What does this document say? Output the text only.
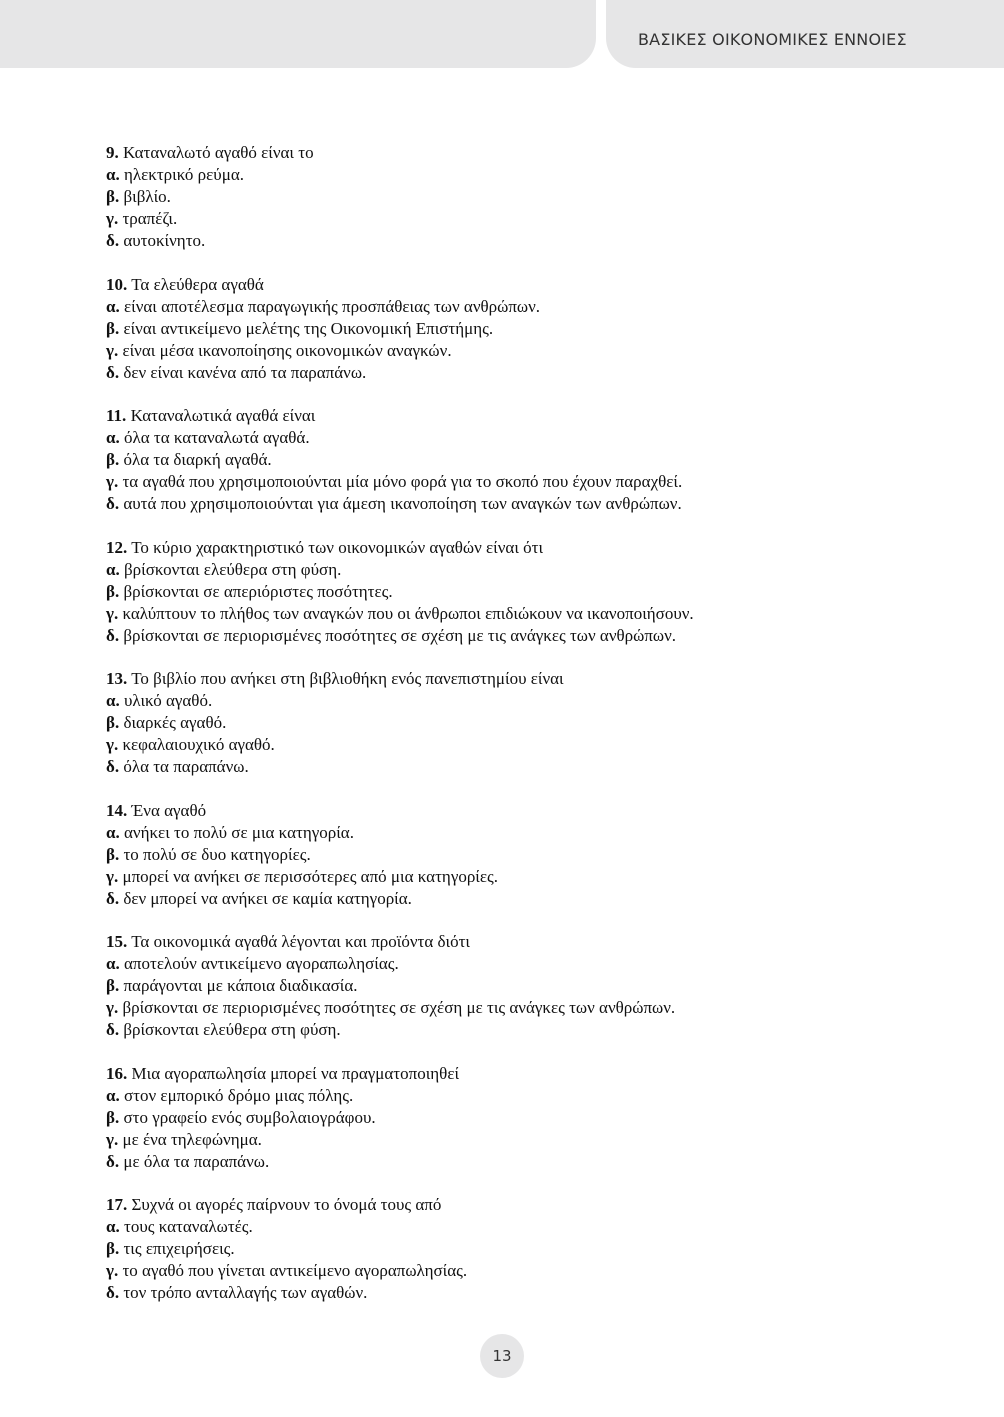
ΒΑΣΙΚΕΣ ΟΙΚΟΝΟΜΙΚΕΣ ΕΝΝΟΙΕΣ
9. Καταναλωτό αγαθό είναι το
α. ηλεκτρικό ρεύμα.
β. βιβλίο.
γ. τραπέζι.
δ. αυτοκίνητο.
10. Τα ελεύθερα αγαθά
α. είναι αποτέλεσμα παραγωγικής προσπάθειας των ανθρώπων.
β. είναι αντικείμενο μελέτης της Οικονομική Επιστήμης.
γ. είναι μέσα ικανοποίησης οικονομικών αναγκών.
δ. δεν είναι κανένα από τα παραπάνω.
11. Καταναλωτικά αγαθά είναι
α. όλα τα καταναλωτά αγαθά.
β. όλα τα διαρκή αγαθά.
γ. τα αγαθά που χρησιμοποιούνται μία μόνο φορά για το σκοπό που έχουν παραχθεί.
δ. αυτά που χρησιμοποιούνται για άμεση ικανοποίηση των αναγκών των ανθρώπων.
12. Το κύριο χαρακτηριστικό των οικονομικών αγαθών είναι ότι
α. βρίσκονται ελεύθερα στη φύση.
β. βρίσκονται σε απεριόριστες ποσότητες.
γ. καλύπτουν το πλήθος των αναγκών που οι άνθρωποι επιδιώκουν να ικανοποιήσουν.
δ. βρίσκονται σε περιορισμένες ποσότητες σε σχέση με τις ανάγκες των ανθρώπων.
13. Το βιβλίο που ανήκει στη βιβλιοθήκη ενός πανεπιστημίου είναι
α. υλικό αγαθό.
β. διαρκές αγαθό.
γ. κεφαλαιουχικό αγαθό.
δ. όλα τα παραπάνω.
14. Ένα αγαθό
α. ανήκει το πολύ σε μια κατηγορία.
β. το πολύ σε δυο κατηγορίες.
γ. μπορεί να ανήκει σε περισσότερες από μια κατηγορίες.
δ. δεν μπορεί να ανήκει σε καμία κατηγορία.
15. Τα οικονομικά αγαθά λέγονται και προϊόντα διότι
α. αποτελούν αντικείμενο αγοραπωλησίας.
β. παράγονται με κάποια διαδικασία.
γ. βρίσκονται σε περιορισμένες ποσότητες σε σχέση με τις ανάγκες των ανθρώπων.
δ. βρίσκονται ελεύθερα στη φύση.
16. Μια αγοραπωλησία μπορεί να πραγματοποιηθεί
α. στον εμπορικό δρόμο μιας πόλης.
β. στο γραφείο ενός συμβολαιογράφου.
γ. με ένα τηλεφώνημα.
δ. με όλα τα παραπάνω.
17. Συχνά οι αγορές παίρνουν το όνομά τους από
α. τους καταναλωτές.
β. τις επιχειρήσεις.
γ. το αγαθό που γίνεται αντικείμενο αγοραπωλησίας.
δ. τον τρόπο ανταλλαγής των αγαθών.
13
